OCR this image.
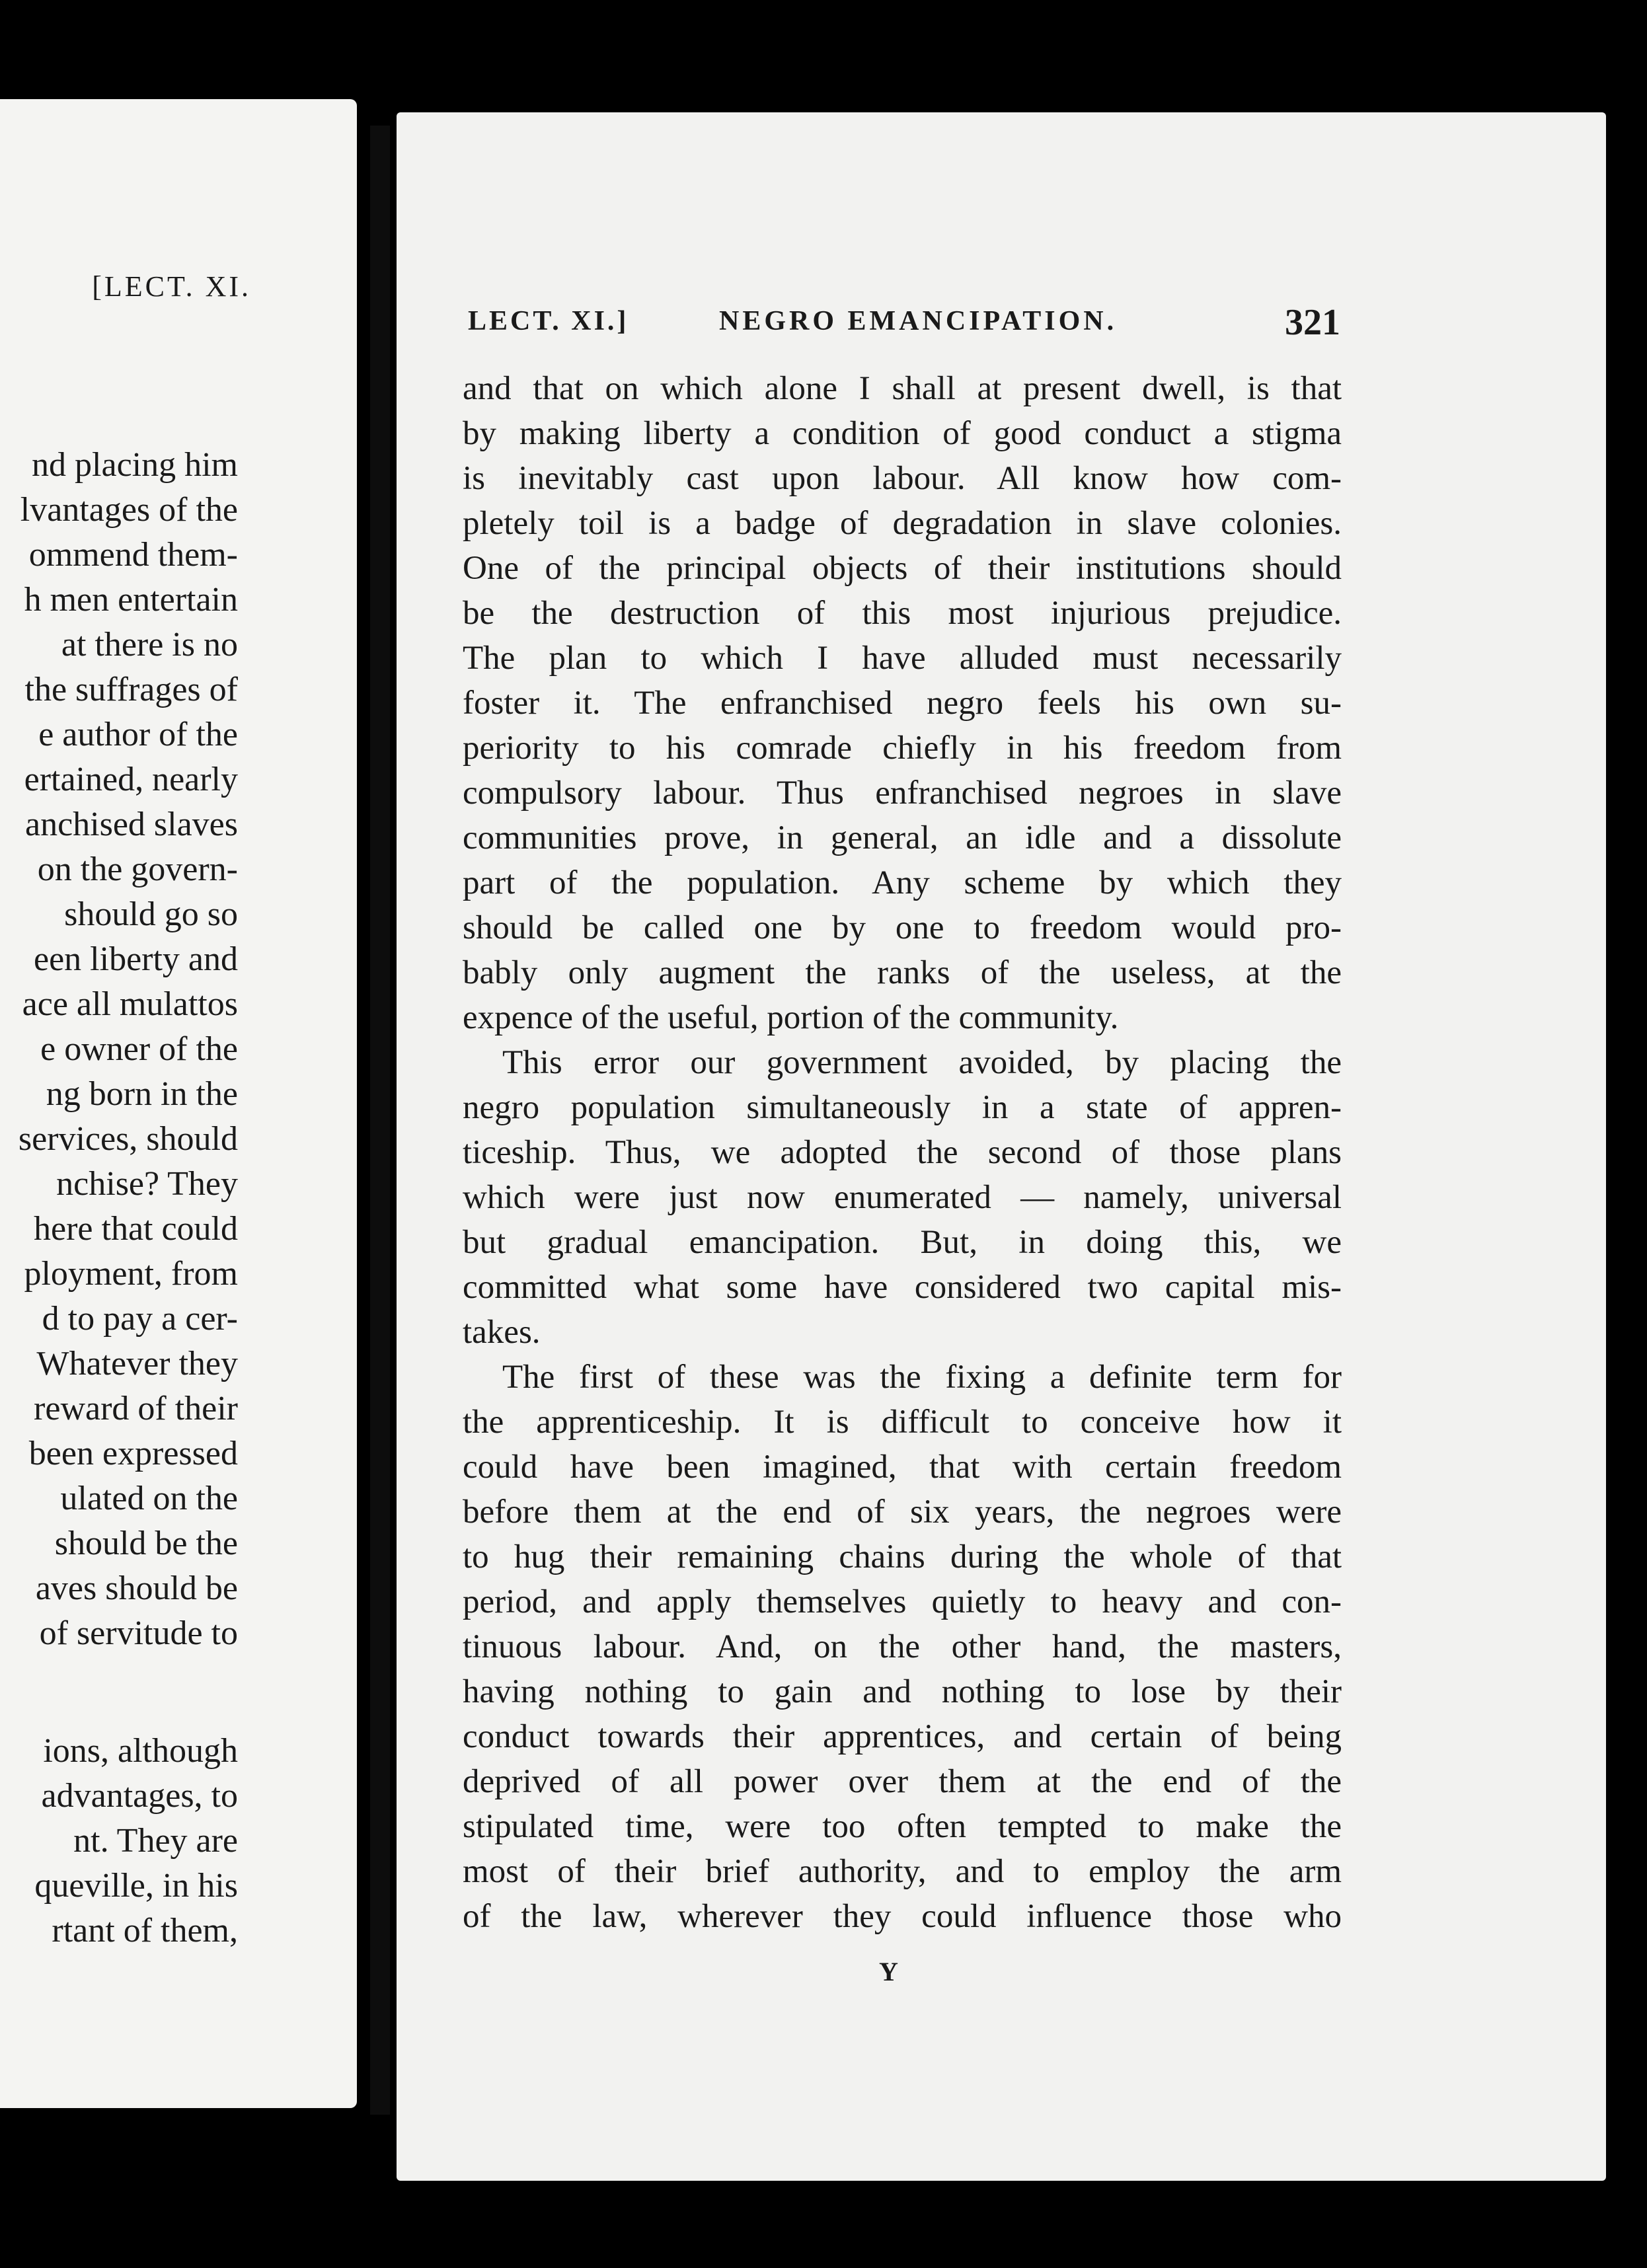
[LECT. XI.
nd placing him
lvantages of the
ommend them-
h men entertain
at there is no
the suffrages of
e author of the
ertained, nearly
anchised slaves
on the govern-
should go so
een liberty and
ace all mulattos
e owner of the
ng born in the
services, should
nchise? They
here that could
ployment, from
d to pay a cer-
Whatever they
reward of their
been expressed
ulated on the
should be the
aves should be
of servitude to
ions, although
advantages, to
nt. They are
queville, in his
rtant of them,
LECT. XI.]	NEGRO EMANCIPATION.	321
and that on which alone I shall at present dwell, is that
by making liberty a condition of good conduct a stigma
is inevitably cast upon labour. All know how com-
pletely toil is a badge of degradation in slave colonies.
One of the principal objects of their institutions should
be the destruction of this most injurious prejudice.
The plan to which I have alluded must necessarily
foster it. The enfranchised negro feels his own su-
periority to his comrade chiefly in his freedom from
compulsory labour. Thus enfranchised negroes in slave
communities prove, in general, an idle and a dissolute
part of the population. Any scheme by which they
should be called one by one to freedom would pro-
bably only augment the ranks of the useless, at the
expence of the useful, portion of the community.
This error our government avoided, by placing the
negro population simultaneously in a state of appren-
ticeship. Thus, we adopted the second of those plans
which were just now enumerated — namely, universal
but gradual emancipation. But, in doing this, we
committed what some have considered two capital mis-
takes.
The first of these was the fixing a definite term for
the apprenticeship. It is difficult to conceive how it
could have been imagined, that with certain freedom
before them at the end of six years, the negroes were
to hug their remaining chains during the whole of that
period, and apply themselves quietly to heavy and con-
tinuous labour. And, on the other hand, the masters,
having nothing to gain and nothing to lose by their
conduct towards their apprentices, and certain of being
deprived of all power over them at the end of the
stipulated time, were too often tempted to make the
most of their brief authority, and to employ the arm
of the law, wherever they could influence those who
Y
